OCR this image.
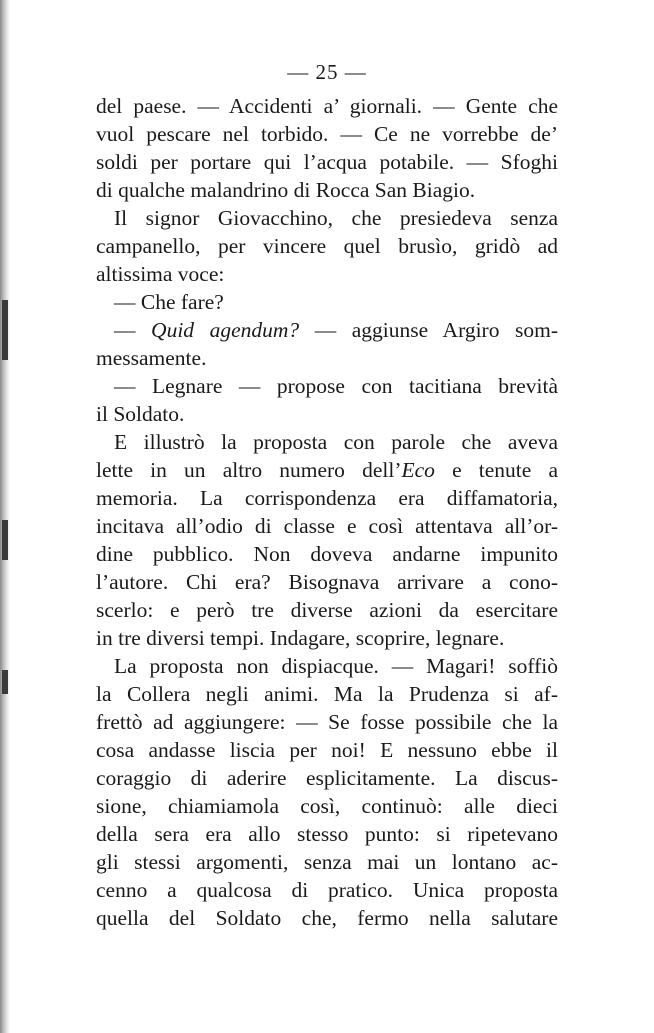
— 25 —
del paese. — Accidenti a’ giornali. — Gente che
vuol pescare nel torbido. — Ce ne vorrebbe de’
soldi per portare qui l’acqua potabile. — Sfoghi
di qualche malandrino di Rocca San Biagio.
Il signor Giovacchino, che presiedeva senza
campanello, per vincere quel brusìo, gridò ad
altissima voce:
— Che fare?
— Quid agendum? — aggiunse Argiro som-
messamente.
— Legnare — propose con tacitiana brevità
il Soldato.
E illustrò la proposta con parole che aveva
lette in un altro numero dell’Eco e tenute a
memoria. La corrispondenza era diffamatoria,
incitava all’odio di classe e così attentava all’or-
dine pubblico. Non doveva andarne impunito
l’autore. Chi era? Bisognava arrivare a cono-
scerlo: e però tre diverse azioni da esercitare
in tre diversi tempi. Indagare, scoprire, legnare.
La proposta non dispiacque. — Magari! soffiò
la Collera negli animi. Ma la Prudenza si af-
frettò ad aggiungere: — Se fosse possibile che la
cosa andasse liscia per noi! E nessuno ebbe il
coraggio di aderire esplicitamente. La discus-
sione, chiamiamola così, continuò: alle dieci
della sera era allo stesso punto: si ripetevano
gli stessi argomenti, senza mai un lontano ac-
cenno a qualcosa di pratico. Unica proposta
quella del Soldato che, fermo nella salutare
